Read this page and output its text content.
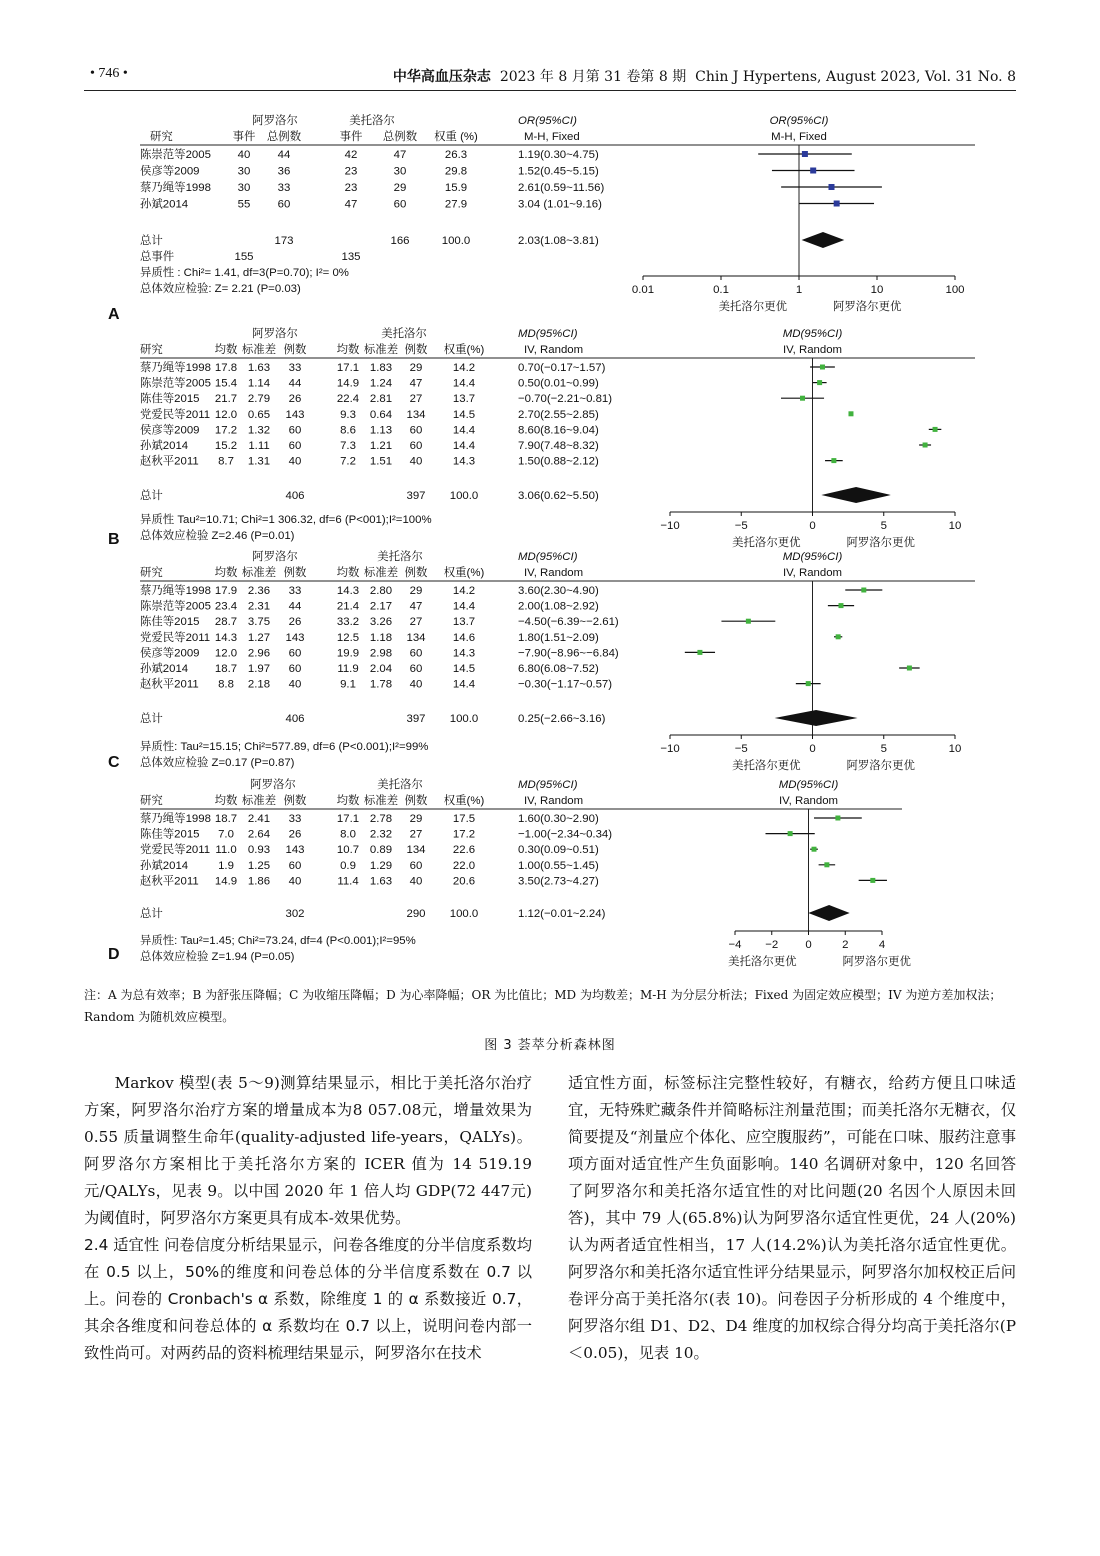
• 746 •	中华高血压杂志 2023 年 8 月第 31 卷第 8 期 Chin J Hypertens, August 2023, Vol. 31 No. 8
A
阿罗洛尔	美托洛尔
研究	事件 总例数	事件 总例数 权重 (%)
OR(95%CI)
M-H, Fixed
OR(95%CI)
M-H, Fixed
陈崇范等2005 40 44	42	47	26.3	1.19(0.30~4.75)
侯彦等2009	30 36	23	30	29.8	1.52(0.45~5.15)
蔡乃绳等1998 30 33	23	29	15.9	2.61(0.59~11.56)
孙斌2014	55 60	47	60	27.9	3.04 (1.01~9.16)
总计	173	166	100.0	2.03(1.08~3.81)
总事件	155	135
异质性 : Chi²= 1.41, df=3(P=0.70); I²= 0%
总体效应检验: Z= 2.21 (P=0.03)	0.01	0.1	1	10	100
美托洛尔更优	阿罗洛尔更优
B
阿罗洛尔	美托洛尔
研究	均数 标准差 例数	均数 标准差 例数 权重(%)
MD(95%CI)
IV, Random
MD(95%CI)
IV, Random
蔡乃绳等1998 17.8 1.63 33	17.1 1.83 29	14.2	0.70(−0.17~1.57)
陈崇范等2005 15.4 1.14 44	14.9 1.24 47	14.4	0.50(0.01~0.99)
陈佳等2015 21.7 2.79 26	22.4 2.81 27	13.7	−0.70(−2.21~0.81)
党爱民等2011 12.0 0.65 143	9.3 0.64 134 14.5	2.70(2.55~2.85)
侯彦等2009 17.2 1.32 60	8.6 1.13 60	14.4	8.60(8.16~9.04)
孙斌2014 15.2 1.11 60	7.3 1.21 60	14.4	7.90(7.48~8.32)
赵秋平2011 8.7 1.31 40	7.2 1.51 40	14.3	1.50(0.88~2.12)
总计	406	397 100.0	3.06(0.62~5.50)
异质性 Tau²=10.71; Chi²=1 306.32, df=6 (P<001);I²=100%
总体效应检验 Z=2.46 (P=0.01)
−10	−5	0	5	10
美托洛尔更优	阿罗洛尔更优
C
阿罗洛尔	美托洛尔
研究	均数 标准差 例数	均数 标准差 例数 权重(%)
MD(95%CI)
IV, Random
MD(95%CI)
IV, Random
蔡乃绳等1998 17.9 2.36 33	14.3 2.80 29	14.2	3.60(2.30~4.90)
陈崇范等2005 23.4 2.31 44	21.4 2.17 47	14.4	2.00(1.08~2.92)
陈佳等2015 28.7 3.75 26	33.2 3.26 27	13.7	−4.50(−6.39~−2.61)
党爱民等2011 14.3 1.27 143	12.5 1.18 134 14.6	1.80(1.51~2.09)
侯彦等2009 12.0 2.96 60	19.9 2.98 60	14.3	−7.90(−8.96~−6.84)
孙斌2014 18.7 1.97 60	11.9 2.04 60	14.5	6.80(6.08~7.52)
赵秋平2011 8.8 2.18 40	9.1 1.78 40	14.4	−0.30(−1.17~0.57)
总计	406	397 100.0	0.25(−2.66~3.16)
异质性: Tau²=15.15; Chi²=577.89, df=6 (P<0.001);I²=99%
总体效应检验 Z=0.17 (P=0.87)
−10	−5	0	5	10
美托洛尔更优	阿罗洛尔更优
D
阿罗洛尔	美托洛尔
研究	均数 标准差 例数	均数 标准差 例数 权重(%)
MD(95%CI)
IV, Random
MD(95%CI)
IV, Random
蔡乃绳等1998 18.7 2.41 33	17.1 2.78 29	17.5	1.60(0.30~2.90)
陈佳等2015 7.0 2.64 26	8.0 2.32 27	17.2	−1.00(−2.34~0.34)
党爱民等2011 11.0 0.93 143	10.7 0.89 134 22.6	0.30(0.09~0.51)
孙斌2014	1.9 1.25 60	0.9 1.29 60	22.0	1.00(0.55~1.45)
赵秋平2011 14.9 1.86 40	11.4 1.63 40	20.6	3.50(2.73~4.27)
总计	302	290 100.0	1.12(−0.01~2.24)
异质性: Tau²=1.45; Chi²=73.24, df=4 (P<0.001);I²=95%
总体效应检验 Z=1.94 (P=0.05)
−4 −2 0	2	4
美托洛尔更优	阿罗洛尔更优
注：A 为总有效率；B 为舒张压降幅；C 为收缩压降幅；D 为心率降幅；OR 为比值比；MD 为均数差；M-H 为分层分析法；Fixed 为固定效应模型；IV 为逆方差加权法；Random 为随机效应模型。
图 3 荟萃分析森林图

Markov 模型(表 5～9)测算结果显示，相比于美托洛尔治疗方案，阿罗洛尔治疗方案的增量成本为8 057.08元，增量效果为 0.55 质量调整生命年(quality-adjusted life-years，QALYs)。阿罗洛尔方案相比于美托洛尔方案的 ICER 值为 14 519.19 元/QALYs，见表 9。以中国 2020 年 1 倍人均 GDP(72 447元)为阈值时，阿罗洛尔方案更具有成本-效果优势。

2.4 适宜性 问卷信度分析结果显示，问卷各维度的分半信度系数均在 0.5 以上，50%的维度和问卷总体的分半信度系数在 0.7 以上。问卷的 Cronbach's α 系数，除维度 1 的 α 系数接近 0.7，其余各维度和问卷总体的 α 系数均在 0.7 以上，说明问卷内部一致性尚可。对两药品的资料梳理结果显示，阿罗洛尔在技术

适宜性方面，标签标注完整性较好，有糖衣，给药方便且口味适宜，无特殊贮藏条件并简略标注剂量范围；而美托洛尔无糖衣，仅简要提及“剂量应个体化、应空腹服药”，可能在口味、服药注意事项方面对适宜性产生负面影响。140 名调研对象中，120 名回答了阿罗洛尔和美托洛尔适宜性的对比问题(20 名因个人原因未回答)，其中 79 人(65.8%)认为阿罗洛尔适宜性更优，24 人(20%)认为两者适宜性相当，17 人(14.2%)认为美托洛尔适宜性更优。阿罗洛尔和美托洛尔适宜性评分结果显示，阿罗洛尔加权校正后问卷评分高于美托洛尔(表 10)。问卷因子分析形成的 4 个维度中，阿罗洛尔组 D1、D2、D4 维度的加权综合得分均高于美托洛尔(P＜0.05)，见表 10。
